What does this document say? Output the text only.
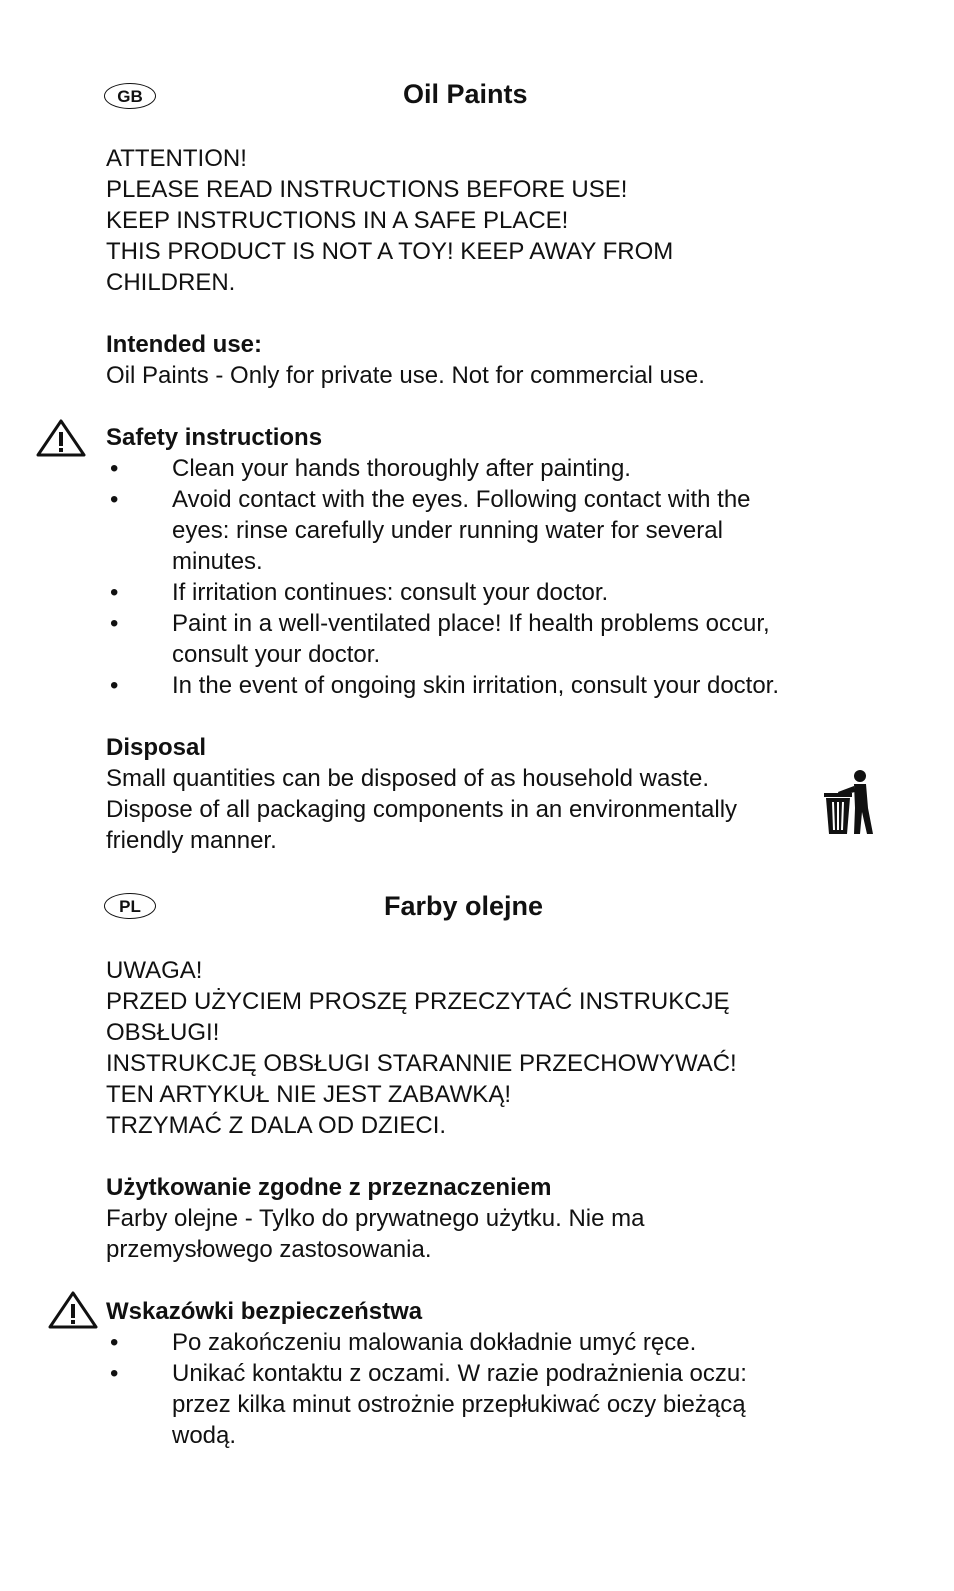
GB	Oil Paints
ATTENTION!
PLEASE READ INSTRUCTIONS BEFORE USE!
KEEP INSTRUCTIONS IN A SAFE PLACE!
THIS PRODUCT IS NOT A TOY! KEEP AWAY FROM
CHILDREN.
Intended use:
Oil Paints - Only for private use. Not for commercial use.
Safety instructions
• Clean your hands thoroughly after painting.
• Avoid contact with the eyes. Following contact with the
eyes: rinse carefully under running water for several
minutes.
• If irritation continues: consult your doctor.
• Paint in a well-ventilated place! If health problems occur,
consult your doctor.
• In the event of ongoing skin irritation, consult your doctor.
Disposal
Small quantities can be disposed of as household waste.
Dispose of all packaging components in an environmentally
friendly manner.
PL	Farby olejne
UWAGA!
PRZED UŻYCIEM PROSZĘ PRZECZYTAĆ INSTRUKCJĘ
OBSŁUGI!
INSTRUKCJĘ OBSŁUGI STARANNIE PRZECHOWYWAĆ!
TEN ARTYKUŁ NIE JEST ZABAWKĄ!
TRZYMAĆ Z DALA OD DZIECI.
Użytkowanie zgodne z przeznaczeniem
Farby olejne - Tylko do prywatnego użytku. Nie ma
przemysłowego zastosowania.
Wskazówki bezpieczeństwa
• Po zakończeniu malowania dokładnie umyć ręce.
• Unikać kontaktu z oczami. W razie podrażnienia oczu:
przez kilka minut ostrożnie przepłukiwać oczy bieżącą
wodą.
